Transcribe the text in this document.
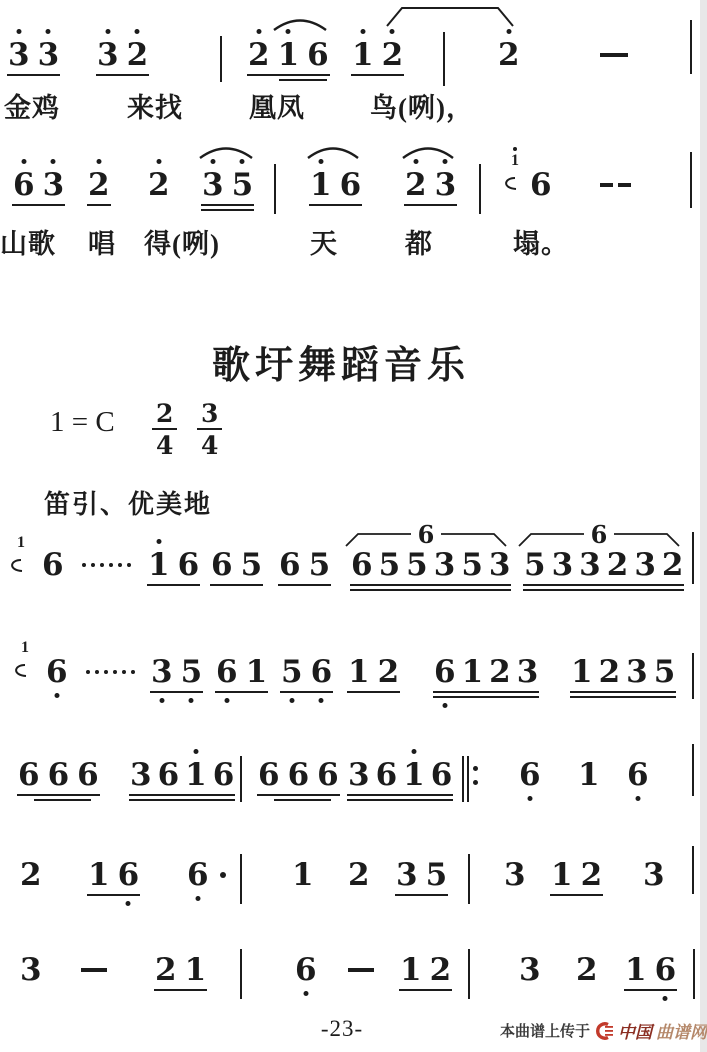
歌圩舞蹈音乐
1 = C $\frac{2}{4} \frac{3}{4}$
笛引、优美地
3 3 3 2	2 1 6 1 2	2
金鸡 来找 凰凤 鸟(咧)，
6 3 2 2 3 5 1 6 2 3
1
6
山歌 唱 得(咧)	天 都	塌。
1
6	1 6 6 5 6 5 6 5 5 3 5 3 5 3 3 2 3 2
6	6
1
6	3 5 6 1 5 6 1 2 6 1 2 3 1 2 3 5
6 6 6 3 6 1 6 6 6 6 3 6 1 6 6 1 6
2 1 6 6	1 2 3 5 3 1 2 3
3	2 1	6	1 2 3 2 1 6
-23-	本曲谱上传于 中国 曲谱网
